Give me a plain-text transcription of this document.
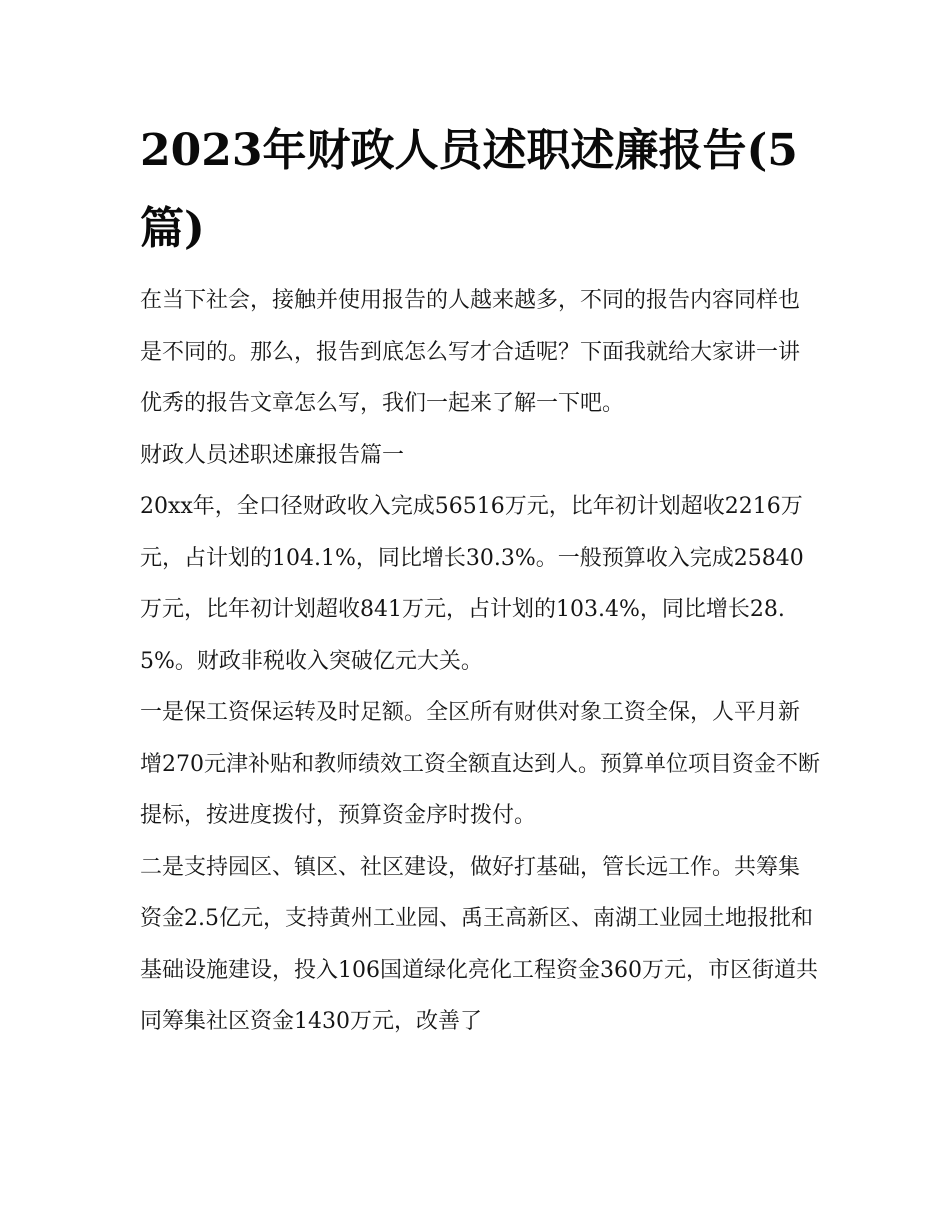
2023年财政人员述职述廉报告(5篇)

在当下社会，接触并使用报告的人越来越多，不同的报告内容同样也是不同的。那么，报告到底怎么写才合适呢？下面我就给大家讲一讲优秀的报告文章怎么写，我们一起来了解一下吧。

财政人员述职述廉报告篇一

20xx年，全口径财政收入完成56516万元，比年初计划超收2216万元，占计划的104.1%，同比增长30.3%。一般预算收入完成25840万元，比年初计划超收841万元，占计划的103.4%，同比增长28.5%。财政非税收入突破亿元大关。

一是保工资保运转及时足额。全区所有财供对象工资全保，人平月新增270元津补贴和教师绩效工资全额直达到人。预算单位项目资金不断提标，按进度拨付，预算资金序时拨付。

二是支持园区、镇区、社区建设，做好打基础，管长远工作。共筹集资金2.5亿元，支持黄州工业园、禹王高新区、南湖工业园土地报批和基础设施建设，投入106国道绿化亮化工程资金360万元，市区街道共同筹集社区资金1430万元，改善了
